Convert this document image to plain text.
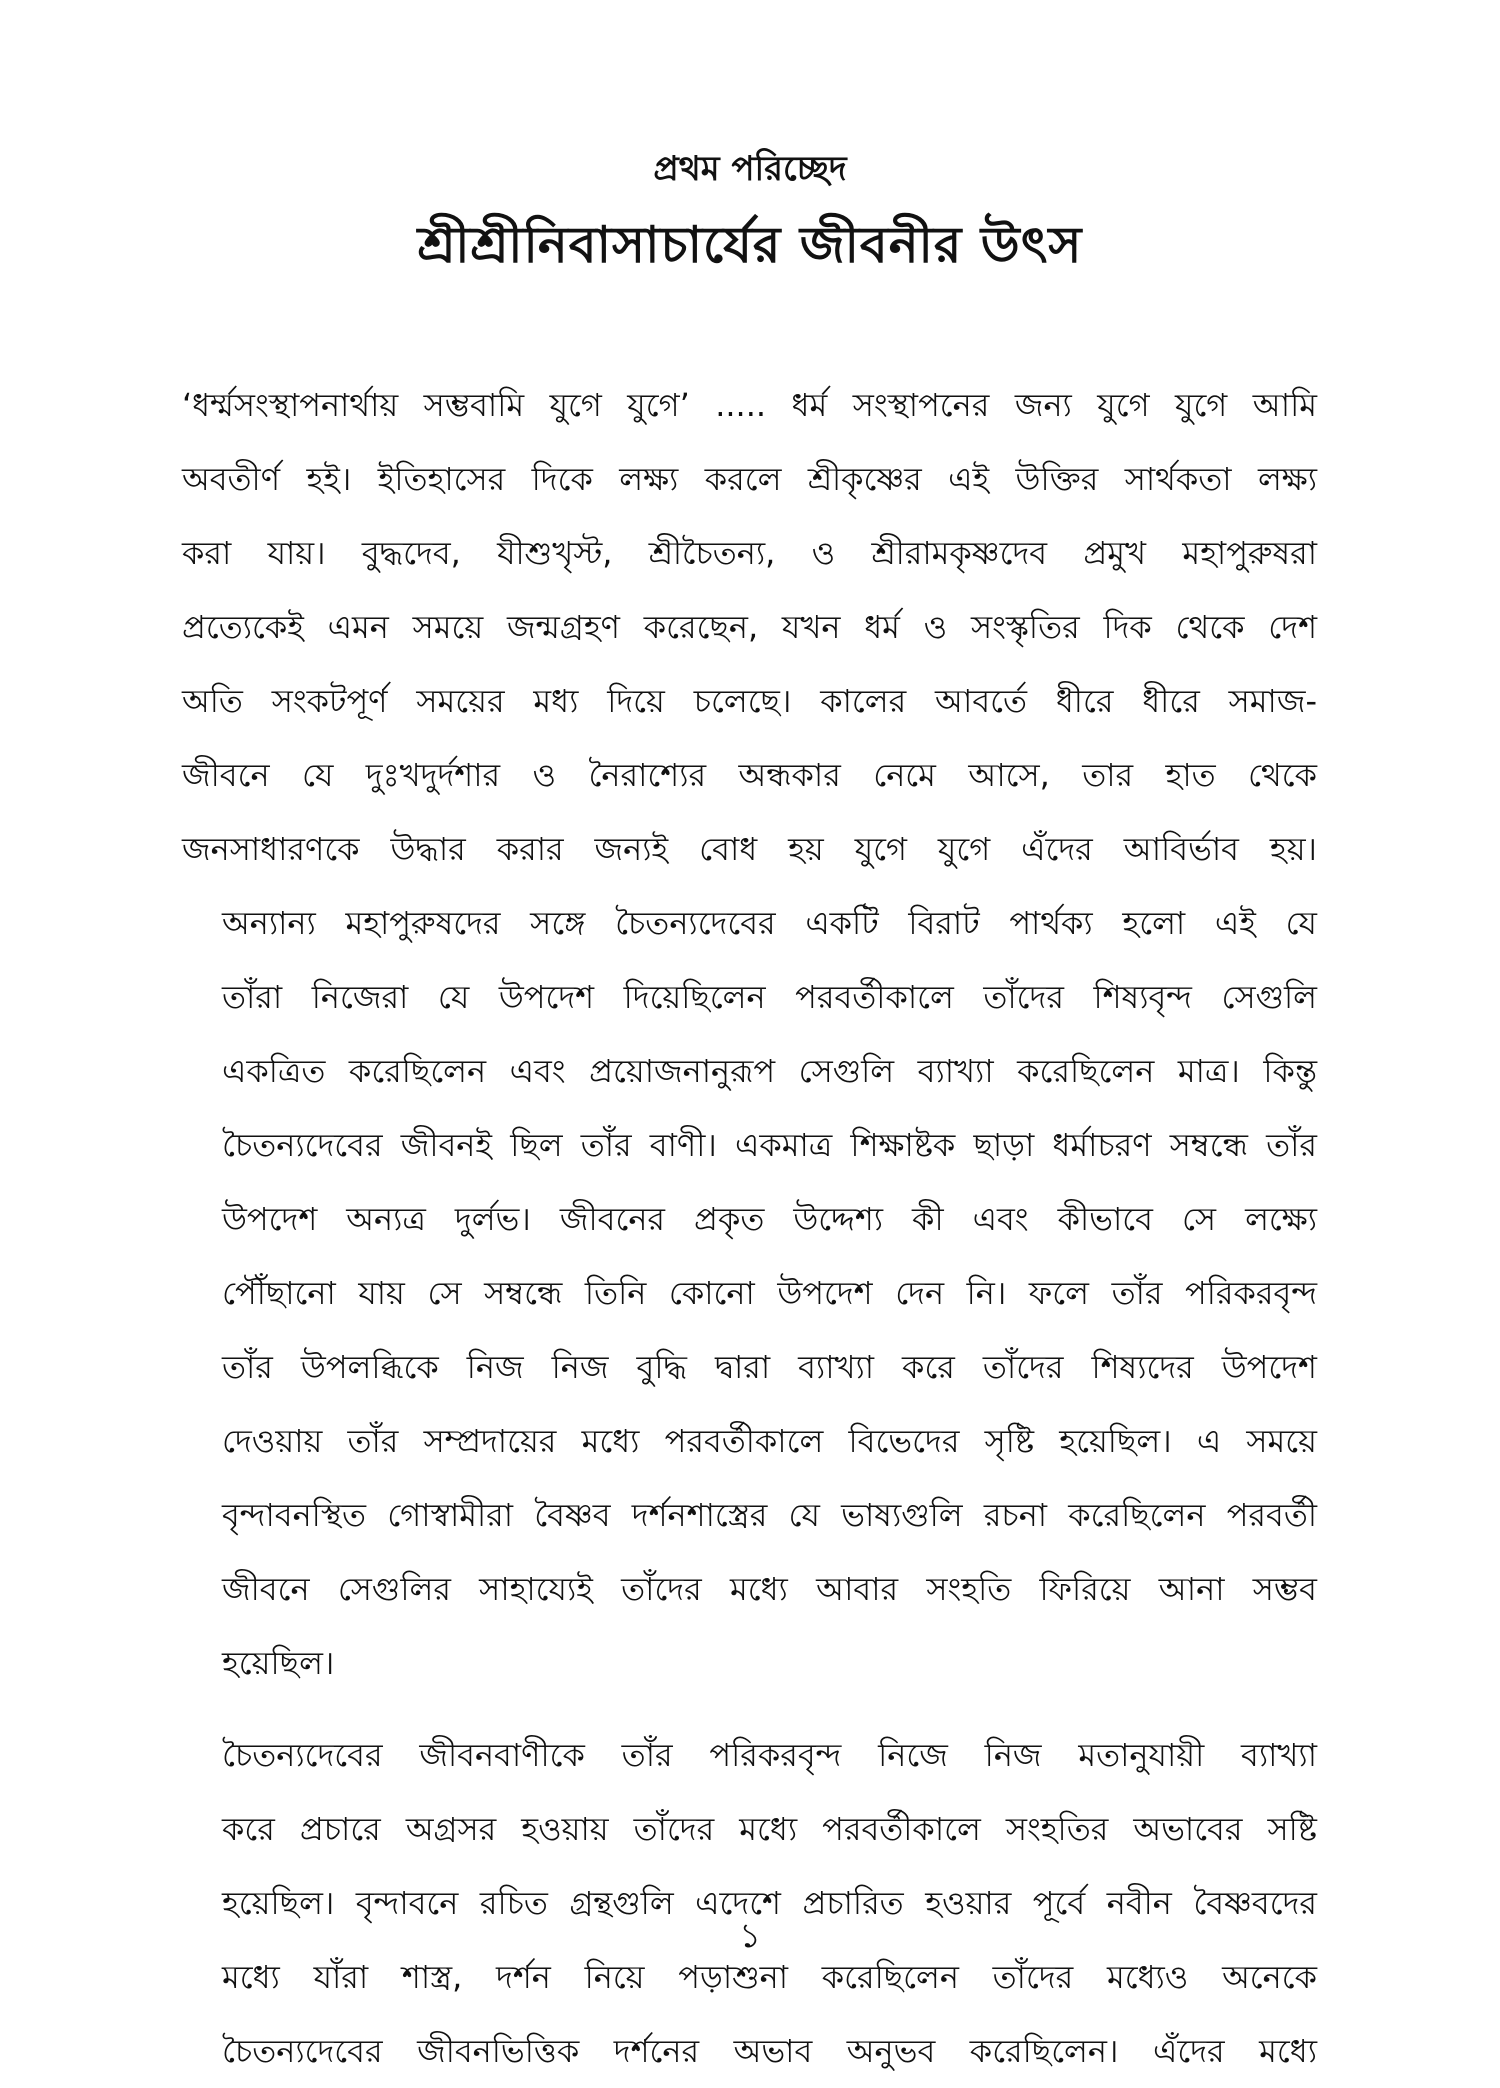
প্রথম পরিচ্ছেদ
শ্রীশ্রীনিবাসাচার্যের জীবনীর উৎস

‘ধর্ম্মসংস্থাপনার্থায় সম্ভবামি যুগে যুগে’ ..... ধর্ম সংস্থাপনের জন্য যুগে যুগে আমি
অবতীর্ণ হই। ইতিহাসের দিকে লক্ষ্য করলে শ্রীকৃষ্ণের এই উক্তির সার্থকতা লক্ষ্য
করা যায়। বুদ্ধদেব, যীশুখৃস্ট, শ্রীচৈতন্য, ও শ্রীরামকৃষ্ণদেব প্রমুখ মহাপুরুষরা
প্রত্যেকেই এমন সময়ে জন্মগ্রহণ করেছেন, যখন ধর্ম ও সংস্কৃতির দিক থেকে দেশ
অতি সংকটপূর্ণ সময়ের মধ্য দিয়ে চলেছে। কালের আবর্তে ধীরে ধীরে সমাজ-
জীবনে যে দুঃখদুর্দশার ও নৈরাশ্যের অন্ধকার নেমে আসে, তার হাত থেকে
জনসাধারণকে উদ্ধার করার জন্যই বোধ হয় যুগে যুগে এঁদের আবির্ভাব হয়।

অন্যান্য মহাপুরুষদের সঙ্গে চৈতন্যদেবের একটি বিরাট পার্থক্য হলো এই যে
তাঁরা নিজেরা যে উপদেশ দিয়েছিলেন পরবর্তীকালে তাঁদের শিষ্যবৃন্দ সেগুলি
একত্রিত করেছিলেন এবং প্রয়োজনানুরূপ সেগুলি ব্যাখ্যা করেছিলেন মাত্র। কিন্তু
চৈতন্যদেবের জীবনই ছিল তাঁর বাণী। একমাত্র শিক্ষাষ্টক ছাড়া ধর্মাচরণ সম্বন্ধে তাঁর
উপদেশ অন্যত্র দুর্লভ। জীবনের প্রকৃত উদ্দেশ্য কী এবং কীভাবে সে লক্ষ্যে
পৌঁছানো যায় সে সম্বন্ধে তিনি কোনো উপদেশ দেন নি। ফলে তাঁর পরিকরবৃন্দ
তাঁর উপলব্ধিকে নিজ নিজ বুদ্ধি দ্বারা ব্যাখ্যা করে তাঁদের শিষ্যদের উপদেশ
দেওয়ায় তাঁর সম্প্রদায়ের মধ্যে পরবর্তীকালে বিভেদের সৃষ্টি হয়েছিল। এ সময়ে
বৃন্দাবনস্থিত গোস্বামীরা বৈষ্ণব দর্শনশাস্ত্রের যে ভাষ্যগুলি রচনা করেছিলেন পরবর্তী
জীবনে সেগুলির সাহায্যেই তাঁদের মধ্যে আবার সংহতি ফিরিয়ে আনা সম্ভব
হয়েছিল।

চৈতন্যদেবের জীবনবাণীকে তাঁর পরিকরবৃন্দ নিজে নিজ মতানুযায়ী ব্যাখ্যা
করে প্রচারে অগ্রসর হওয়ায় তাঁদের মধ্যে পরবর্তীকালে সংহতির অভাবের সষ্টি
হয়েছিল। বৃন্দাবনে রচিত গ্রন্থগুলি এদেশে প্রচারিত হওয়ার পূর্বে নবীন বৈষ্ণবদের
মধ্যে যাঁরা শাস্ত্র, দর্শন নিয়ে পড়াশুনা করেছিলেন তাঁদের মধ্যেও অনেকে
চৈতন্যদেবের জীবনভিত্তিক দর্শনের অভাব অনুভব করেছিলেন। এঁদের মধ্যে

১
